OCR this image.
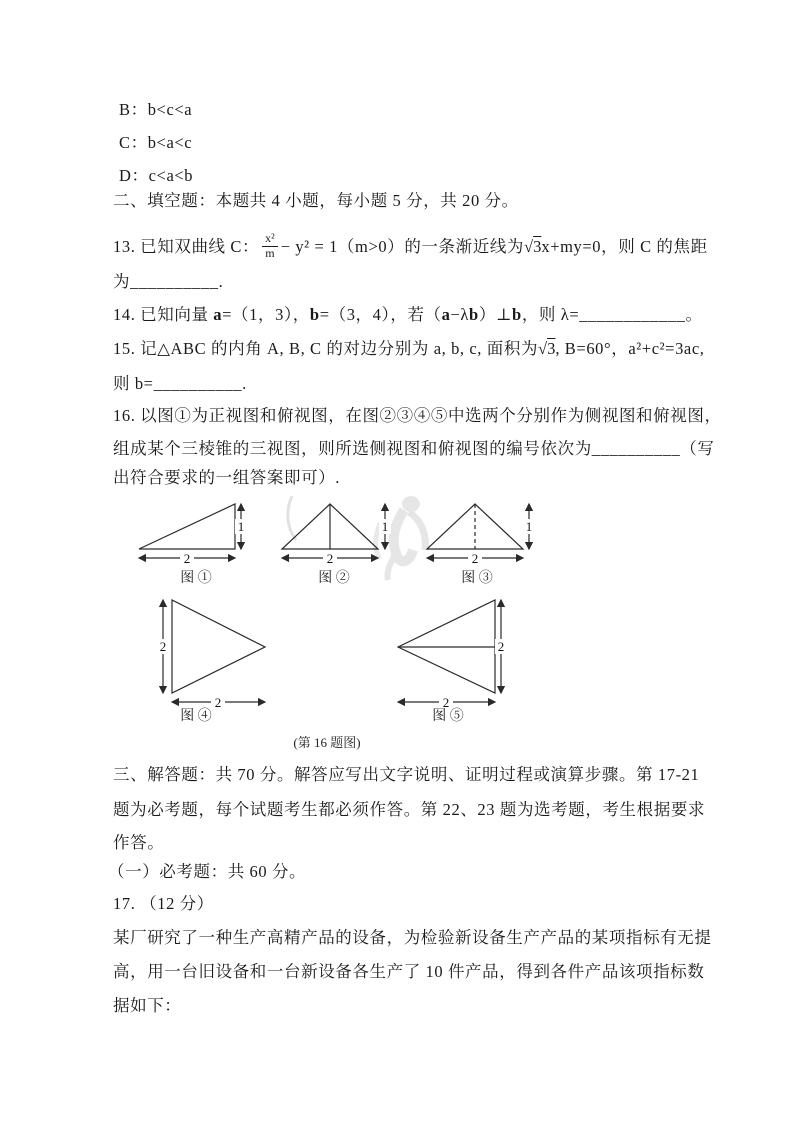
B：b<c<a
C：b<a<c
D：c<a<b
二、填空题：本题共 4 小题，每小题 5 分，共 20 分。
13. 已知双曲线 C： $\frac{\text{x²}}{m} - y^2 = 1(m>0)$的一条渐近线为√3x+my=0，则 C 的焦距
为__________.
14. 已知向量 a=（1，3），b=（3，4），若（a−λb）⊥b，则 λ=____________。
15. 记△ABC 的内角 A, B, C 的对边分别为 a, b, c, 面积为√3, B=60°，a²+c²=3ac,
则 b=__________.
16. 以图①为正视图和俯视图，在图②③④⑤中选两个分别作为侧视图和俯视图，
组成某个三棱锥的三视图，则所选侧视图和俯视图的编号依次为__________（写
出符合要求的一组答案即可）.
1
2
图 ①
1
2
图 ②
1
2
图 ③
2
2
图 ④
2
2
图 ⑤
(第 16 题图)
三、解答题：共 70 分。解答应写出文字说明、证明过程或演算步骤。第 17-21
题为必考题，每个试题考生都必须作答。第 22、23 题为选考题，考生根据要求
作答。
（一）必考题：共 60 分。
17. （12 分）
某厂研究了一种生产高精产品的设备，为检验新设备生产产品的某项指标有无提
高，用一台旧设备和一台新设备各生产了 10 件产品，得到各件产品该项指标数
据如下：
